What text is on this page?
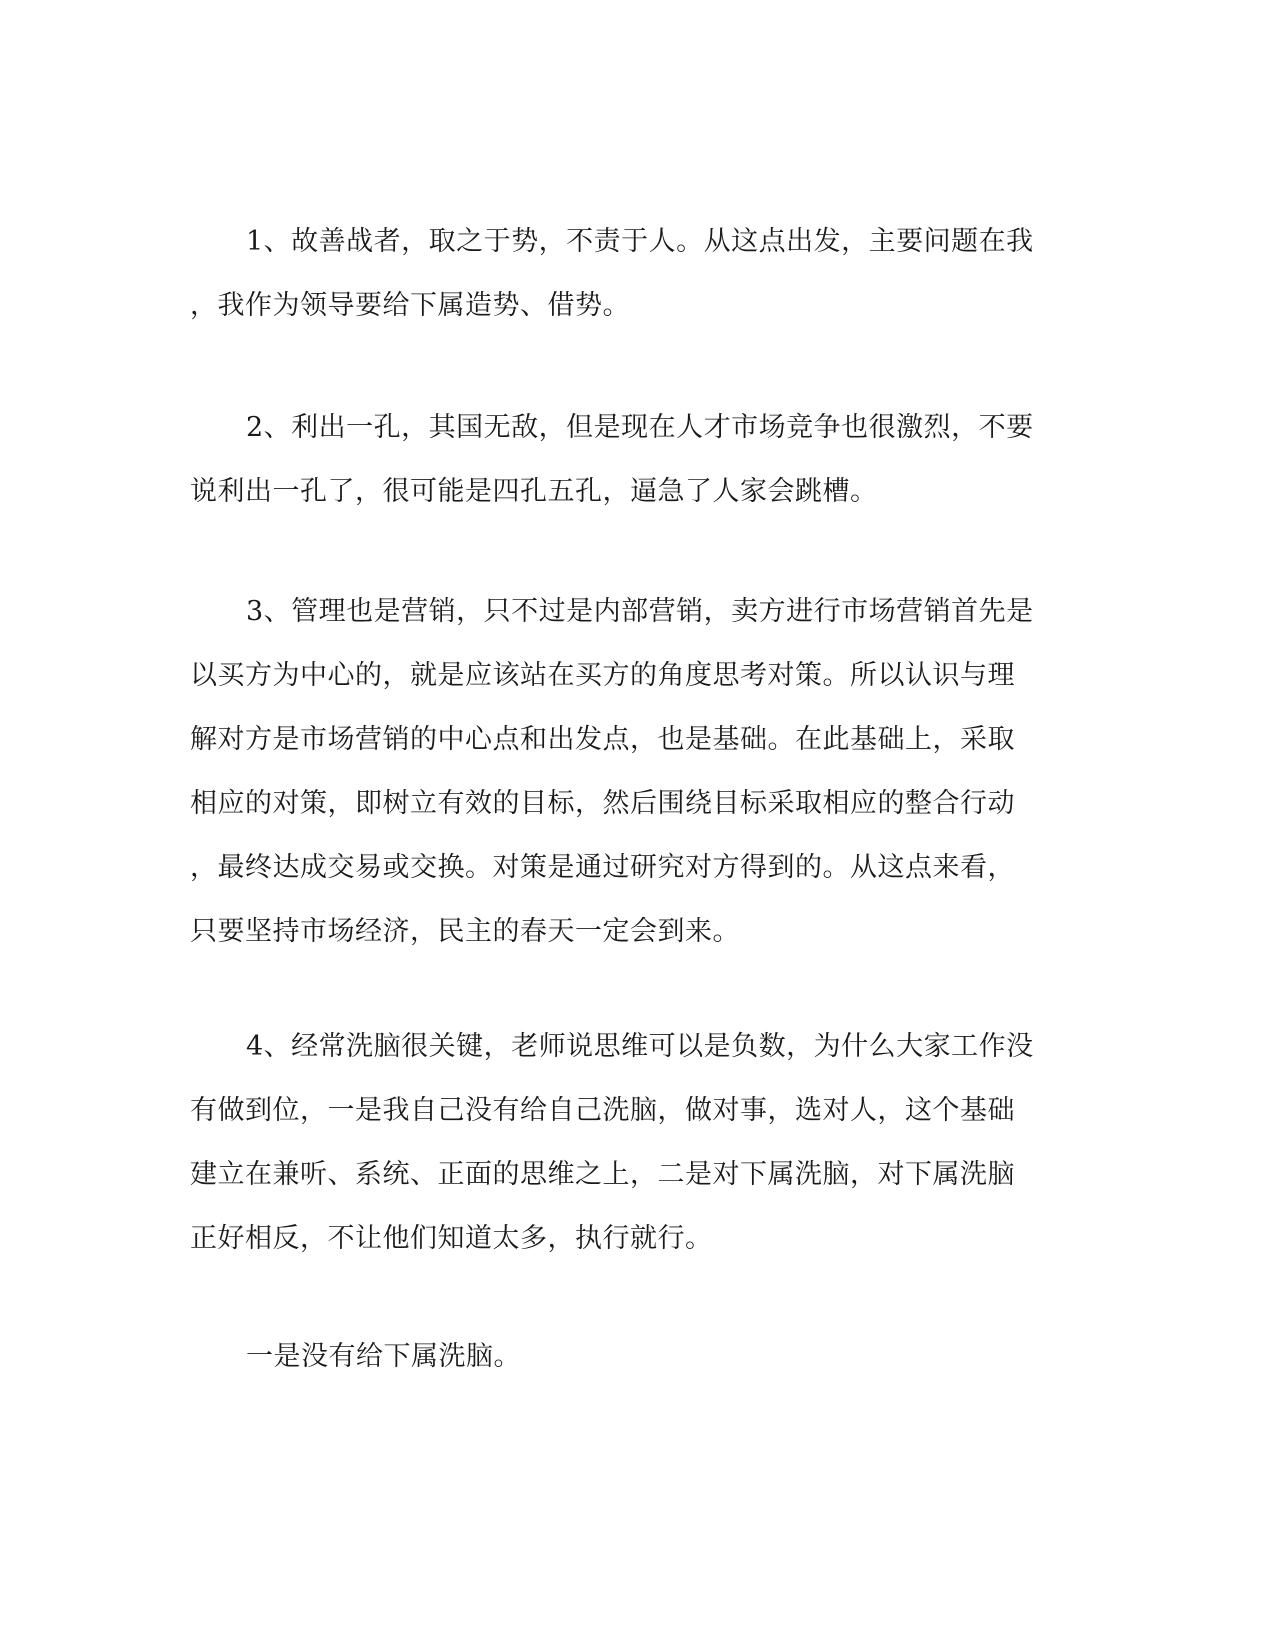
1、故善战者，取之于势，不责于人。从这点出发，主要问题在我
，我作为领导要给下属造势、借势。
2、利出一孔，其国无敌，但是现在人才市场竞争也很激烈，不要
说利出一孔了，很可能是四孔五孔，逼急了人家会跳槽。
3、管理也是营销，只不过是内部营销，卖方进行市场营销首先是
以买方为中心的，就是应该站在买方的角度思考对策。所以认识与理
解对方是市场营销的中心点和出发点，也是基础。在此基础上，采取
相应的对策，即树立有效的目标，然后围绕目标采取相应的整合行动
，最终达成交易或交换。对策是通过研究对方得到的。从这点来看，
只要坚持市场经济，民主的春天一定会到来。
4、经常洗脑很关键，老师说思维可以是负数，为什么大家工作没
有做到位，一是我自己没有给自己洗脑，做对事，选对人，这个基础
建立在兼听、系统、正面的思维之上，二是对下属洗脑，对下属洗脑
正好相反，不让他们知道太多，执行就行。
一是没有给下属洗脑。
